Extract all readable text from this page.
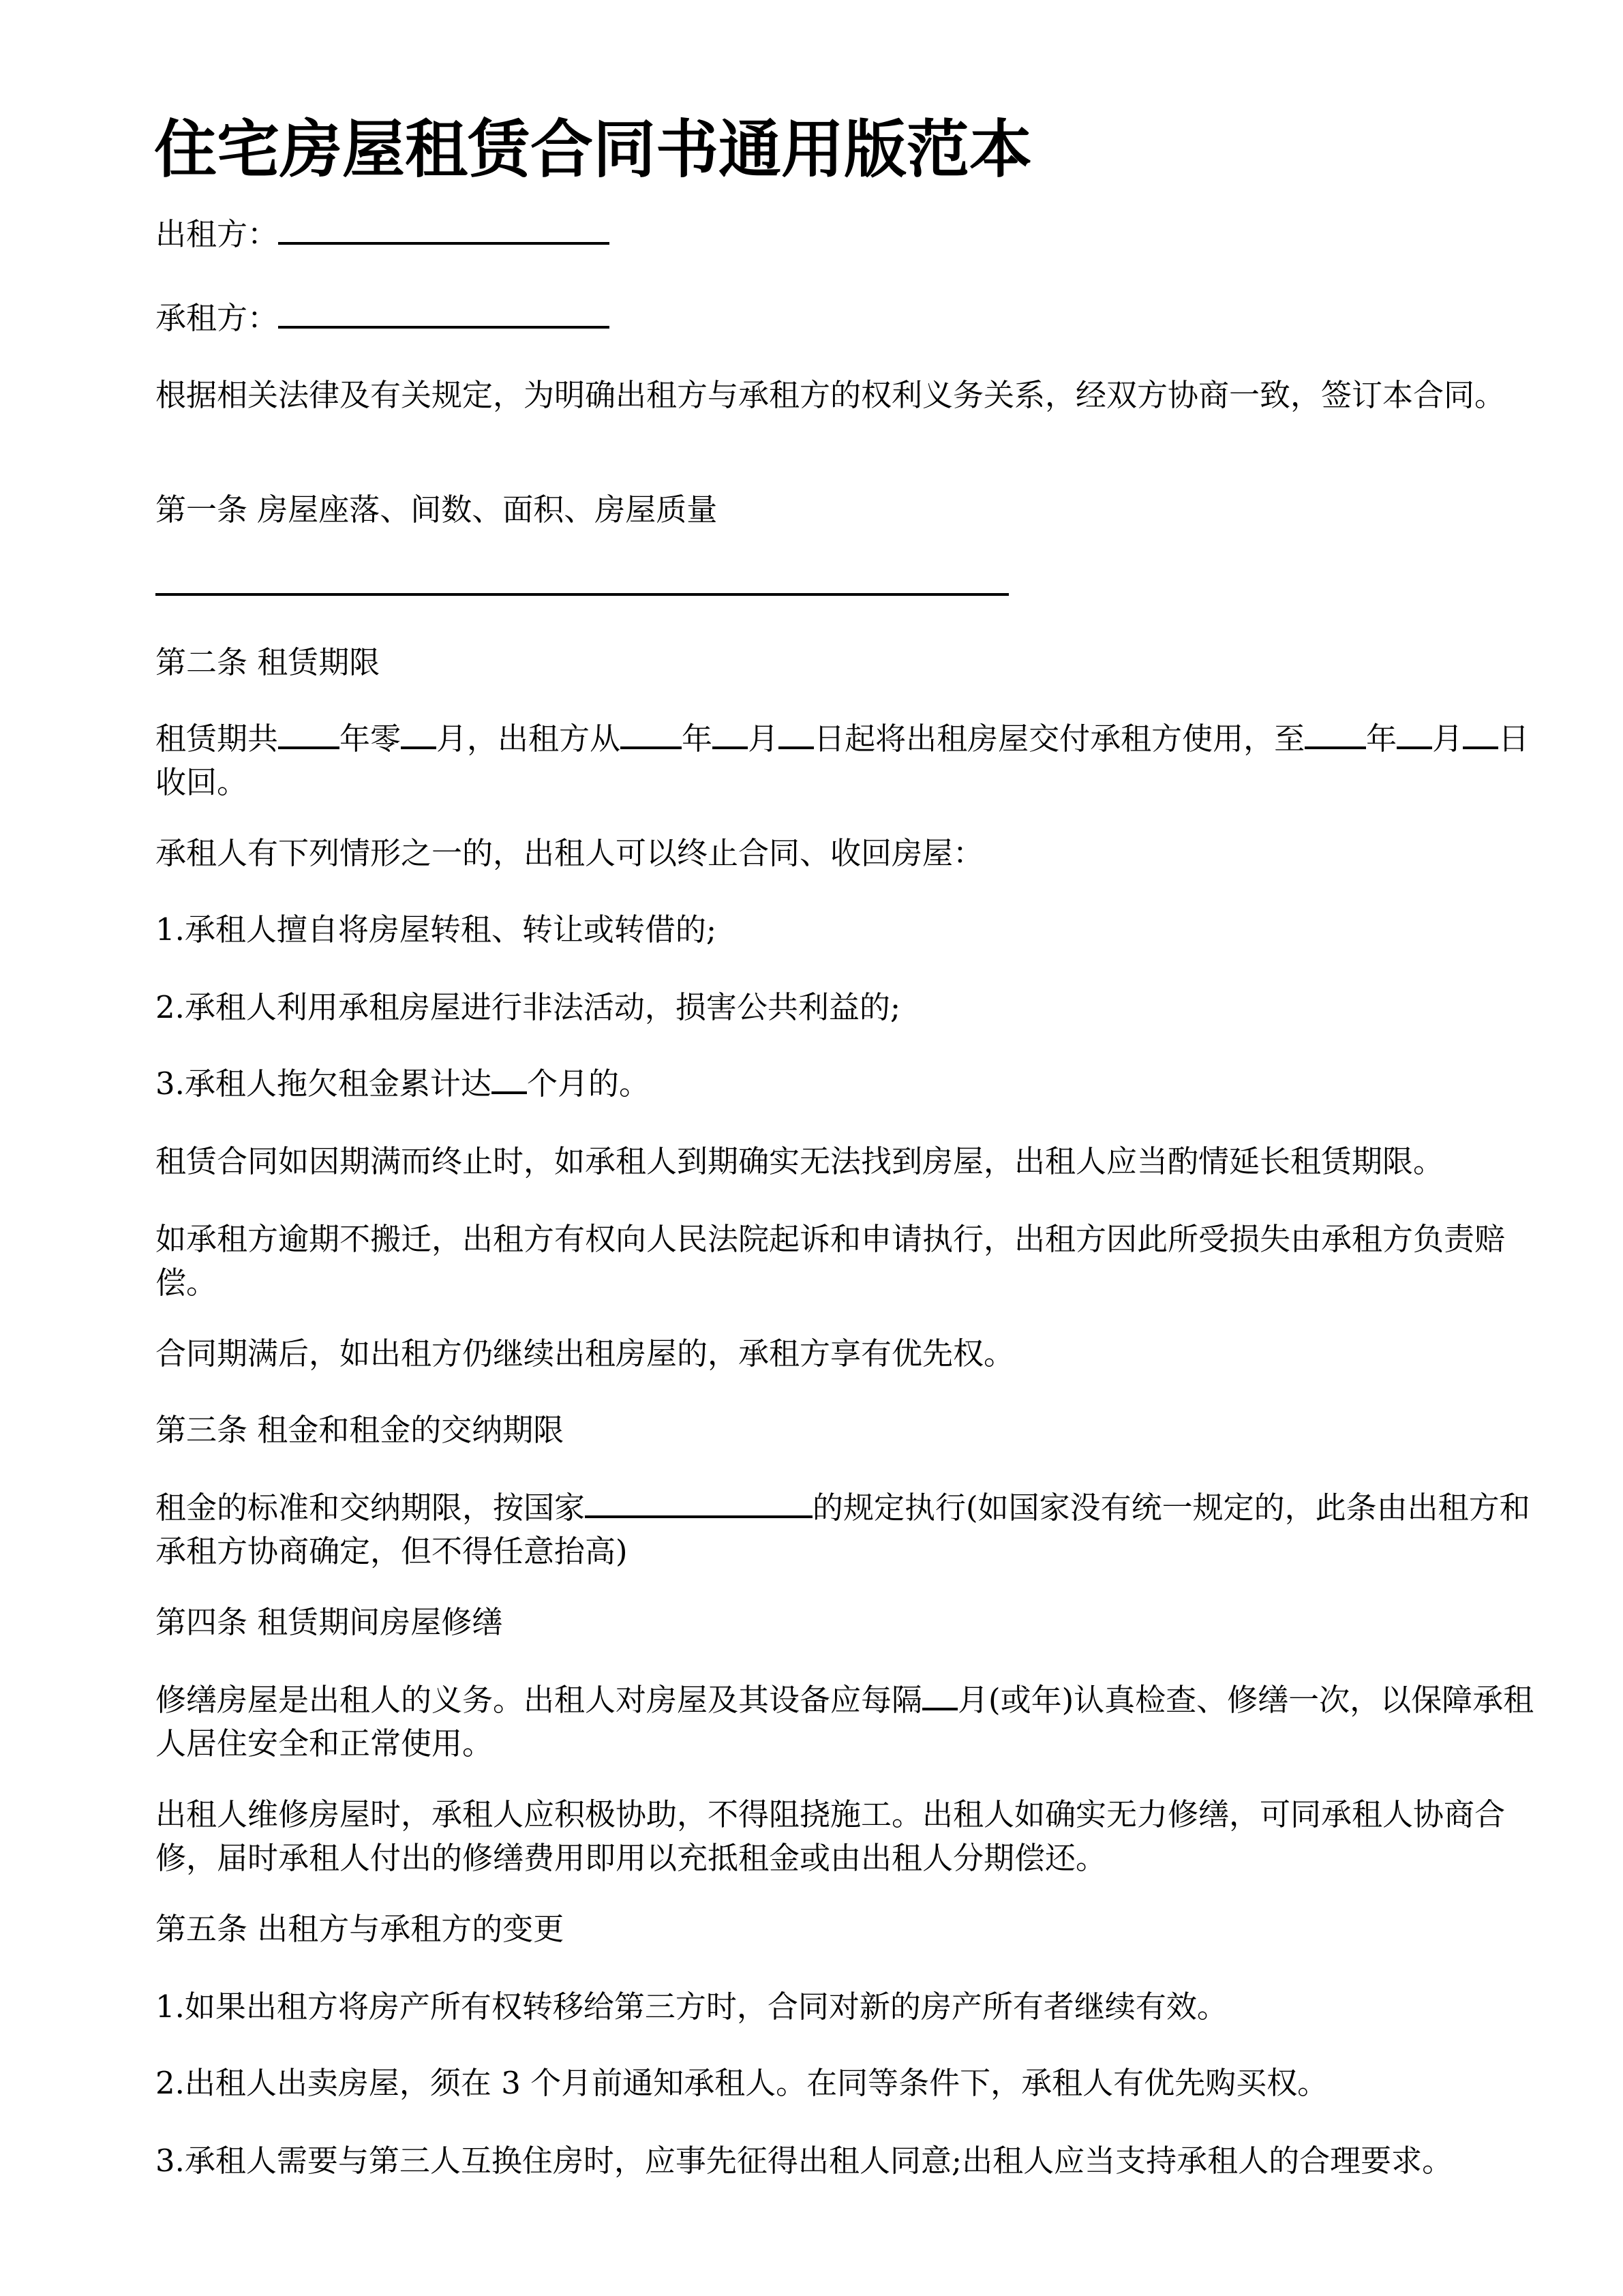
住宅房屋租赁合同书通用版范本
出租方：
承租方：
根据相关法律及有关规定，为明确出租方与承租方的权利义务关系，经双方协商一致，签订本合同。
第一条 房屋座落、间数、面积、房屋质量
第二条 租赁期限
租赁期共 年零 月，出租方从 年 月 日起将出租房屋交付承租方使用，至 年 月 日收回。
承租人有下列情形之一的，出租人可以终止合同、收回房屋：
1.承租人擅自将房屋转租、转让或转借的;
2.承租人利用承租房屋进行非法活动，损害公共利益的;
3.承租人拖欠租金累计达 个月的。
租赁合同如因期满而终止时，如承租人到期确实无法找到房屋，出租人应当酌情延长租赁期限。
如承租方逾期不搬迁，出租方有权向人民法院起诉和申请执行，出租方因此所受损失由承租方负责赔偿。
合同期满后，如出租方仍继续出租房屋的，承租方享有优先权。
第三条 租金和租金的交纳期限
租金的标准和交纳期限，按国家	的规定执行(如国家没有统一规定的，此条由出租方和承租方协商确定，但不得任意抬高)
第四条 租赁期间房屋修缮
修缮房屋是出租人的义务。出租人对房屋及其设备应每隔 月(或年)认真检查、修缮一次，以保障承租人居住安全和正常使用。
出租人维修房屋时，承租人应积极协助，不得阻挠施工。出租人如确实无力修缮，可同承租人协商合修，届时承租人付出的修缮费用即用以充抵租金或由出租人分期偿还。
第五条 出租方与承租方的变更
1.如果出租方将房产所有权转移给第三方时，合同对新的房产所有者继续有效。
2.出租人出卖房屋，须在 3 个月前通知承租人。在同等条件下，承租人有优先购买权。
3.承租人需要与第三人互换住房时，应事先征得出租人同意;出租人应当支持承租人的合理要求。
